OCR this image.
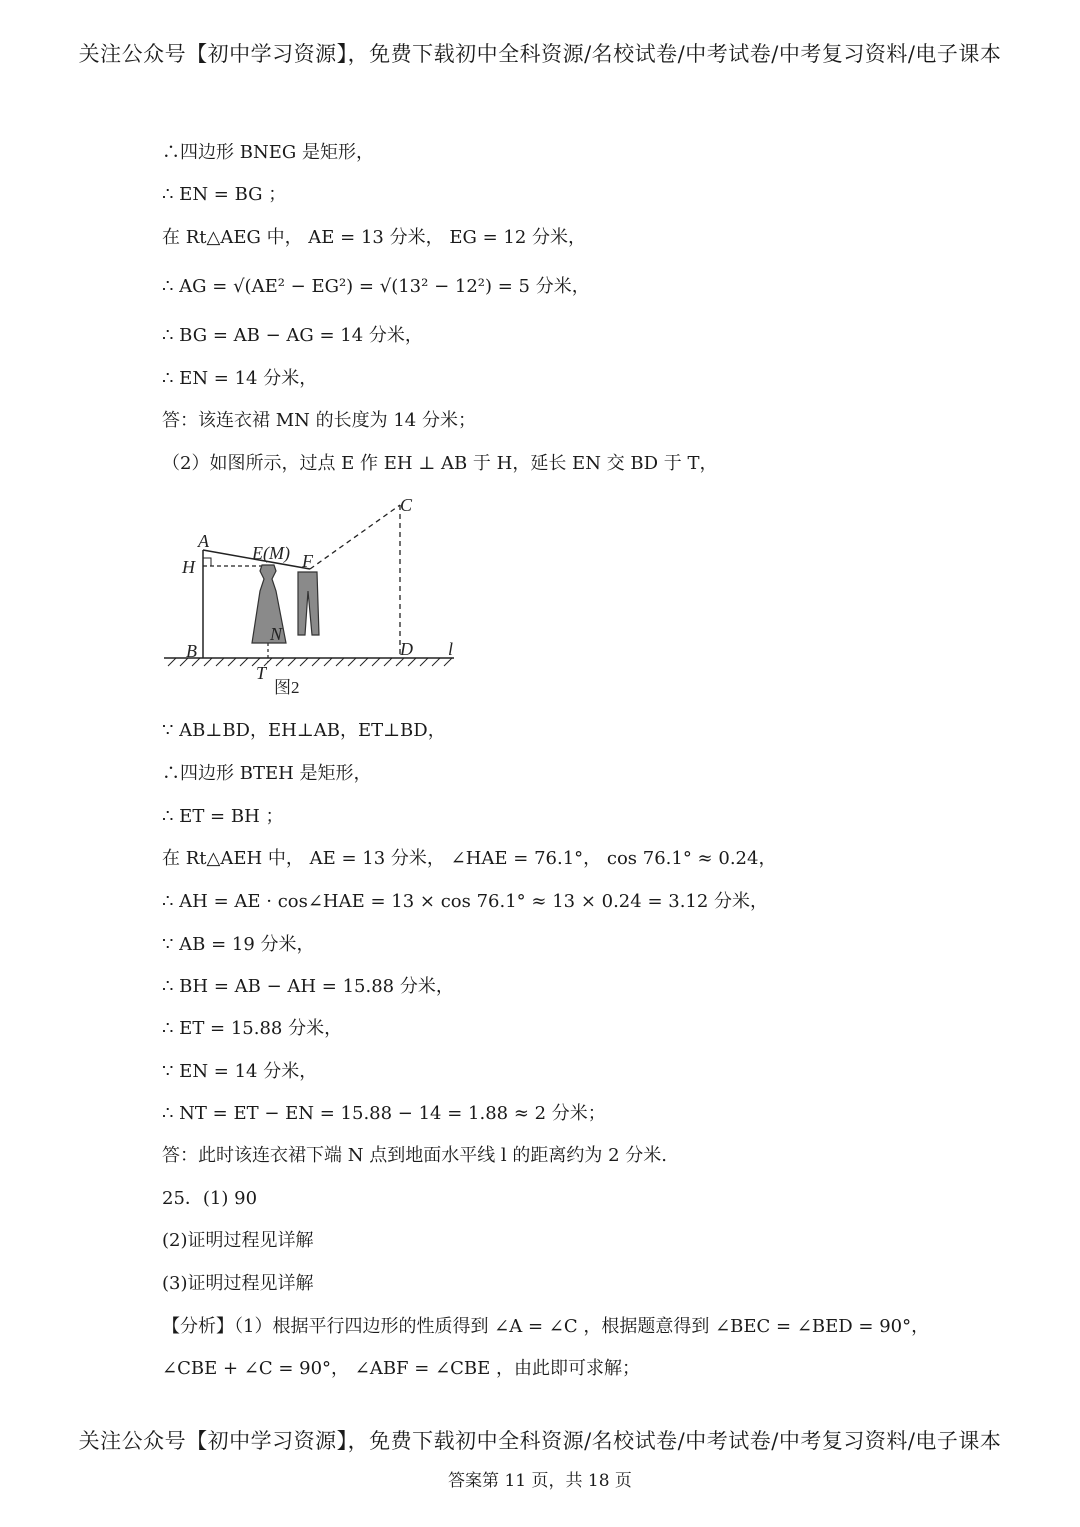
关注公众号【初中学习资源】，免费下载初中全科资源/名校试卷/中考试卷/中考复习资料/电子课本
∴四边形 BNEG 是矩形，
∴ EN = BG ；
在 Rt△AEG 中， AE = 13 分米， EG = 12 分米，
∴ AG = √(AE² − EG²) = √(13² − 12²) = 5 分米，
∴ BG = AB − AG = 14 分米，
∴ EN = 14 分米，
答：该连衣裙 MN 的长度为 14 分米；
（2）如图所示，过点 E 作 EH ⊥ AB 于 H，延长 EN 交 BD 于 T，
∵ AB⊥BD，EH⊥AB，ET⊥BD，
∴四边形 BTEH 是矩形，
∴ ET = BH ；
在 Rt△AEH 中， AE = 13 分米， ∠HAE = 76.1°， cos 76.1° ≈ 0.24，
∴ AH = AE · cos∠HAE = 13 × cos 76.1° ≈ 13 × 0.24 = 3.12 分米，
∵ AB = 19 分米，
∴ BH = AB − AH = 15.88 分米，
∴ ET = 15.88 分米，
∵ EN = 14 分米，
∴ NT = ET − EN = 15.88 − 14 = 1.88 ≈ 2 分米；
答：此时该连衣裙下端 N 点到地面水平线 l 的距离约为 2 分米.
25．(1) 90
(2)证明过程见详解
(3)证明过程见详解
【分析】（1）根据平行四边形的性质得到 ∠A = ∠C ，根据题意得到 ∠BEC = ∠BED = 90°，
∠CBE + ∠C = 90°， ∠ABF = ∠CBE ，由此即可求解；
A
H
B
T
E(M) F
N
C
D l
图2
关注公众号【初中学习资源】，免费下载初中全科资源/名校试卷/中考试卷/中考复习资料/电子课本
答案第 11 页，共 18 页
